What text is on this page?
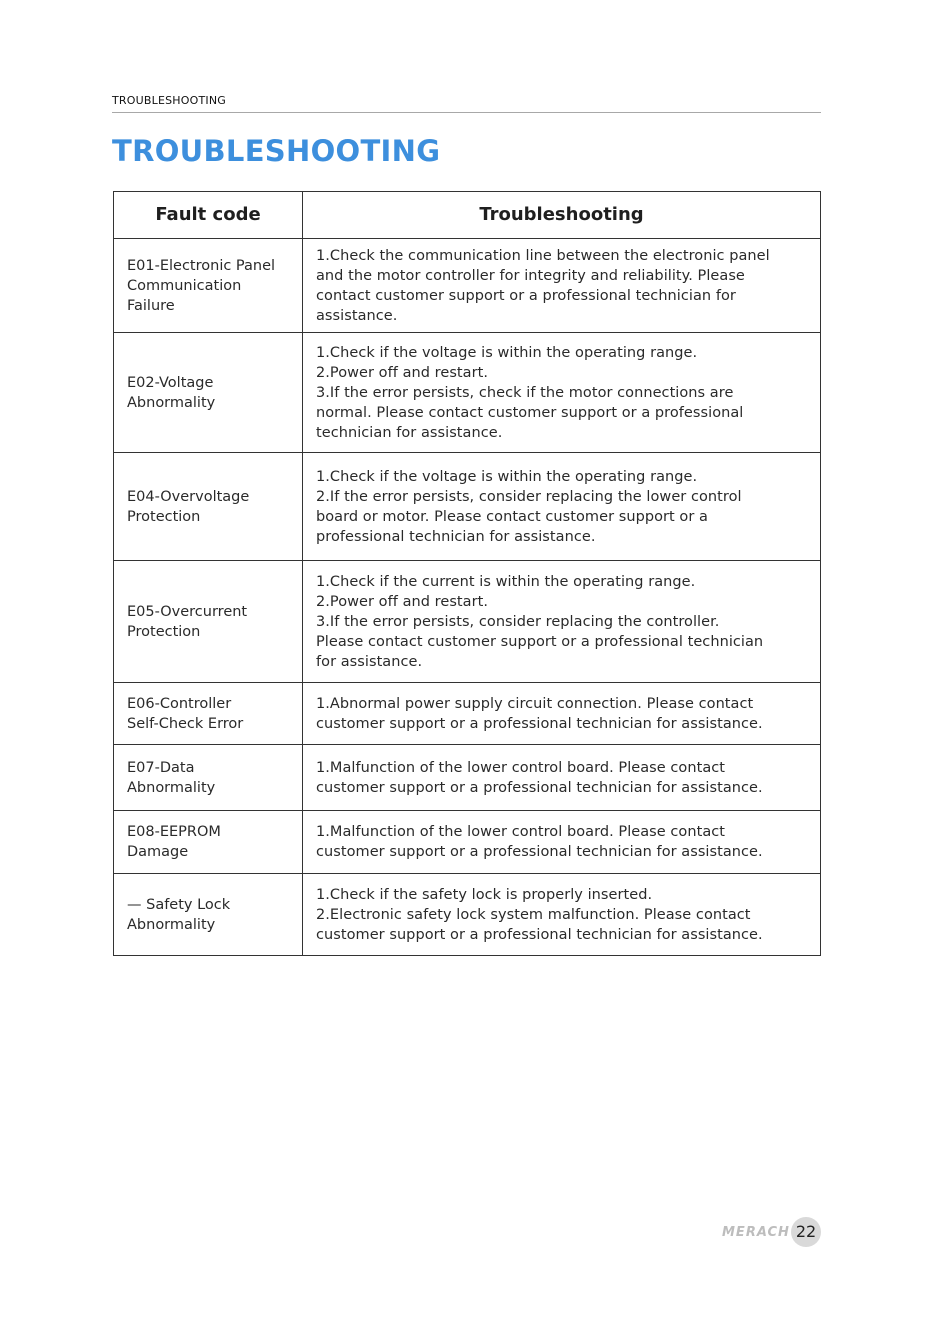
TROUBLESHOOTING
TROUBLESHOOTING
Fault code	Troubleshooting

E01-Electronic Panel
Communication
Failure	1.Check the communication line between the electronic panel
and the motor controller for integrity and reliability. Please
contact customer support or a professional technician for
assistance.

E02-Voltage
Abnormality	1.Check if the voltage is within the operating range.
2.Power off and restart.
3.If the error persists, check if the motor connections are
normal. Please contact customer support or a professional
technician for assistance.

E04-Overvoltage
Protection	1.Check if the voltage is within the operating range.
2.If the error persists, consider replacing the lower control
board or motor. Please contact customer support or a
professional technician for assistance.

E05-Overcurrent
Protection	1.Check if the current is within the operating range.
2.Power off and restart.
3.If the error persists, consider replacing the controller.
Please contact customer support or a professional technician
for assistance.

E06-Controller
Self-Check Error	1.Abnormal power supply circuit connection. Please contact
customer support or a professional technician for assistance.

E07-Data
Abnormality	1.Malfunction of the lower control board. Please contact
customer support or a professional technician for assistance.

E08-EEPROM
Damage	1.Malfunction of the lower control board. Please contact
customer support or a professional technician for assistance.

— Safety Lock
Abnormality	1.Check if the safety lock is properly inserted.
2.Electronic safety lock system malfunction. Please contact
customer support or a professional technician for assistance.
MERACH 22
